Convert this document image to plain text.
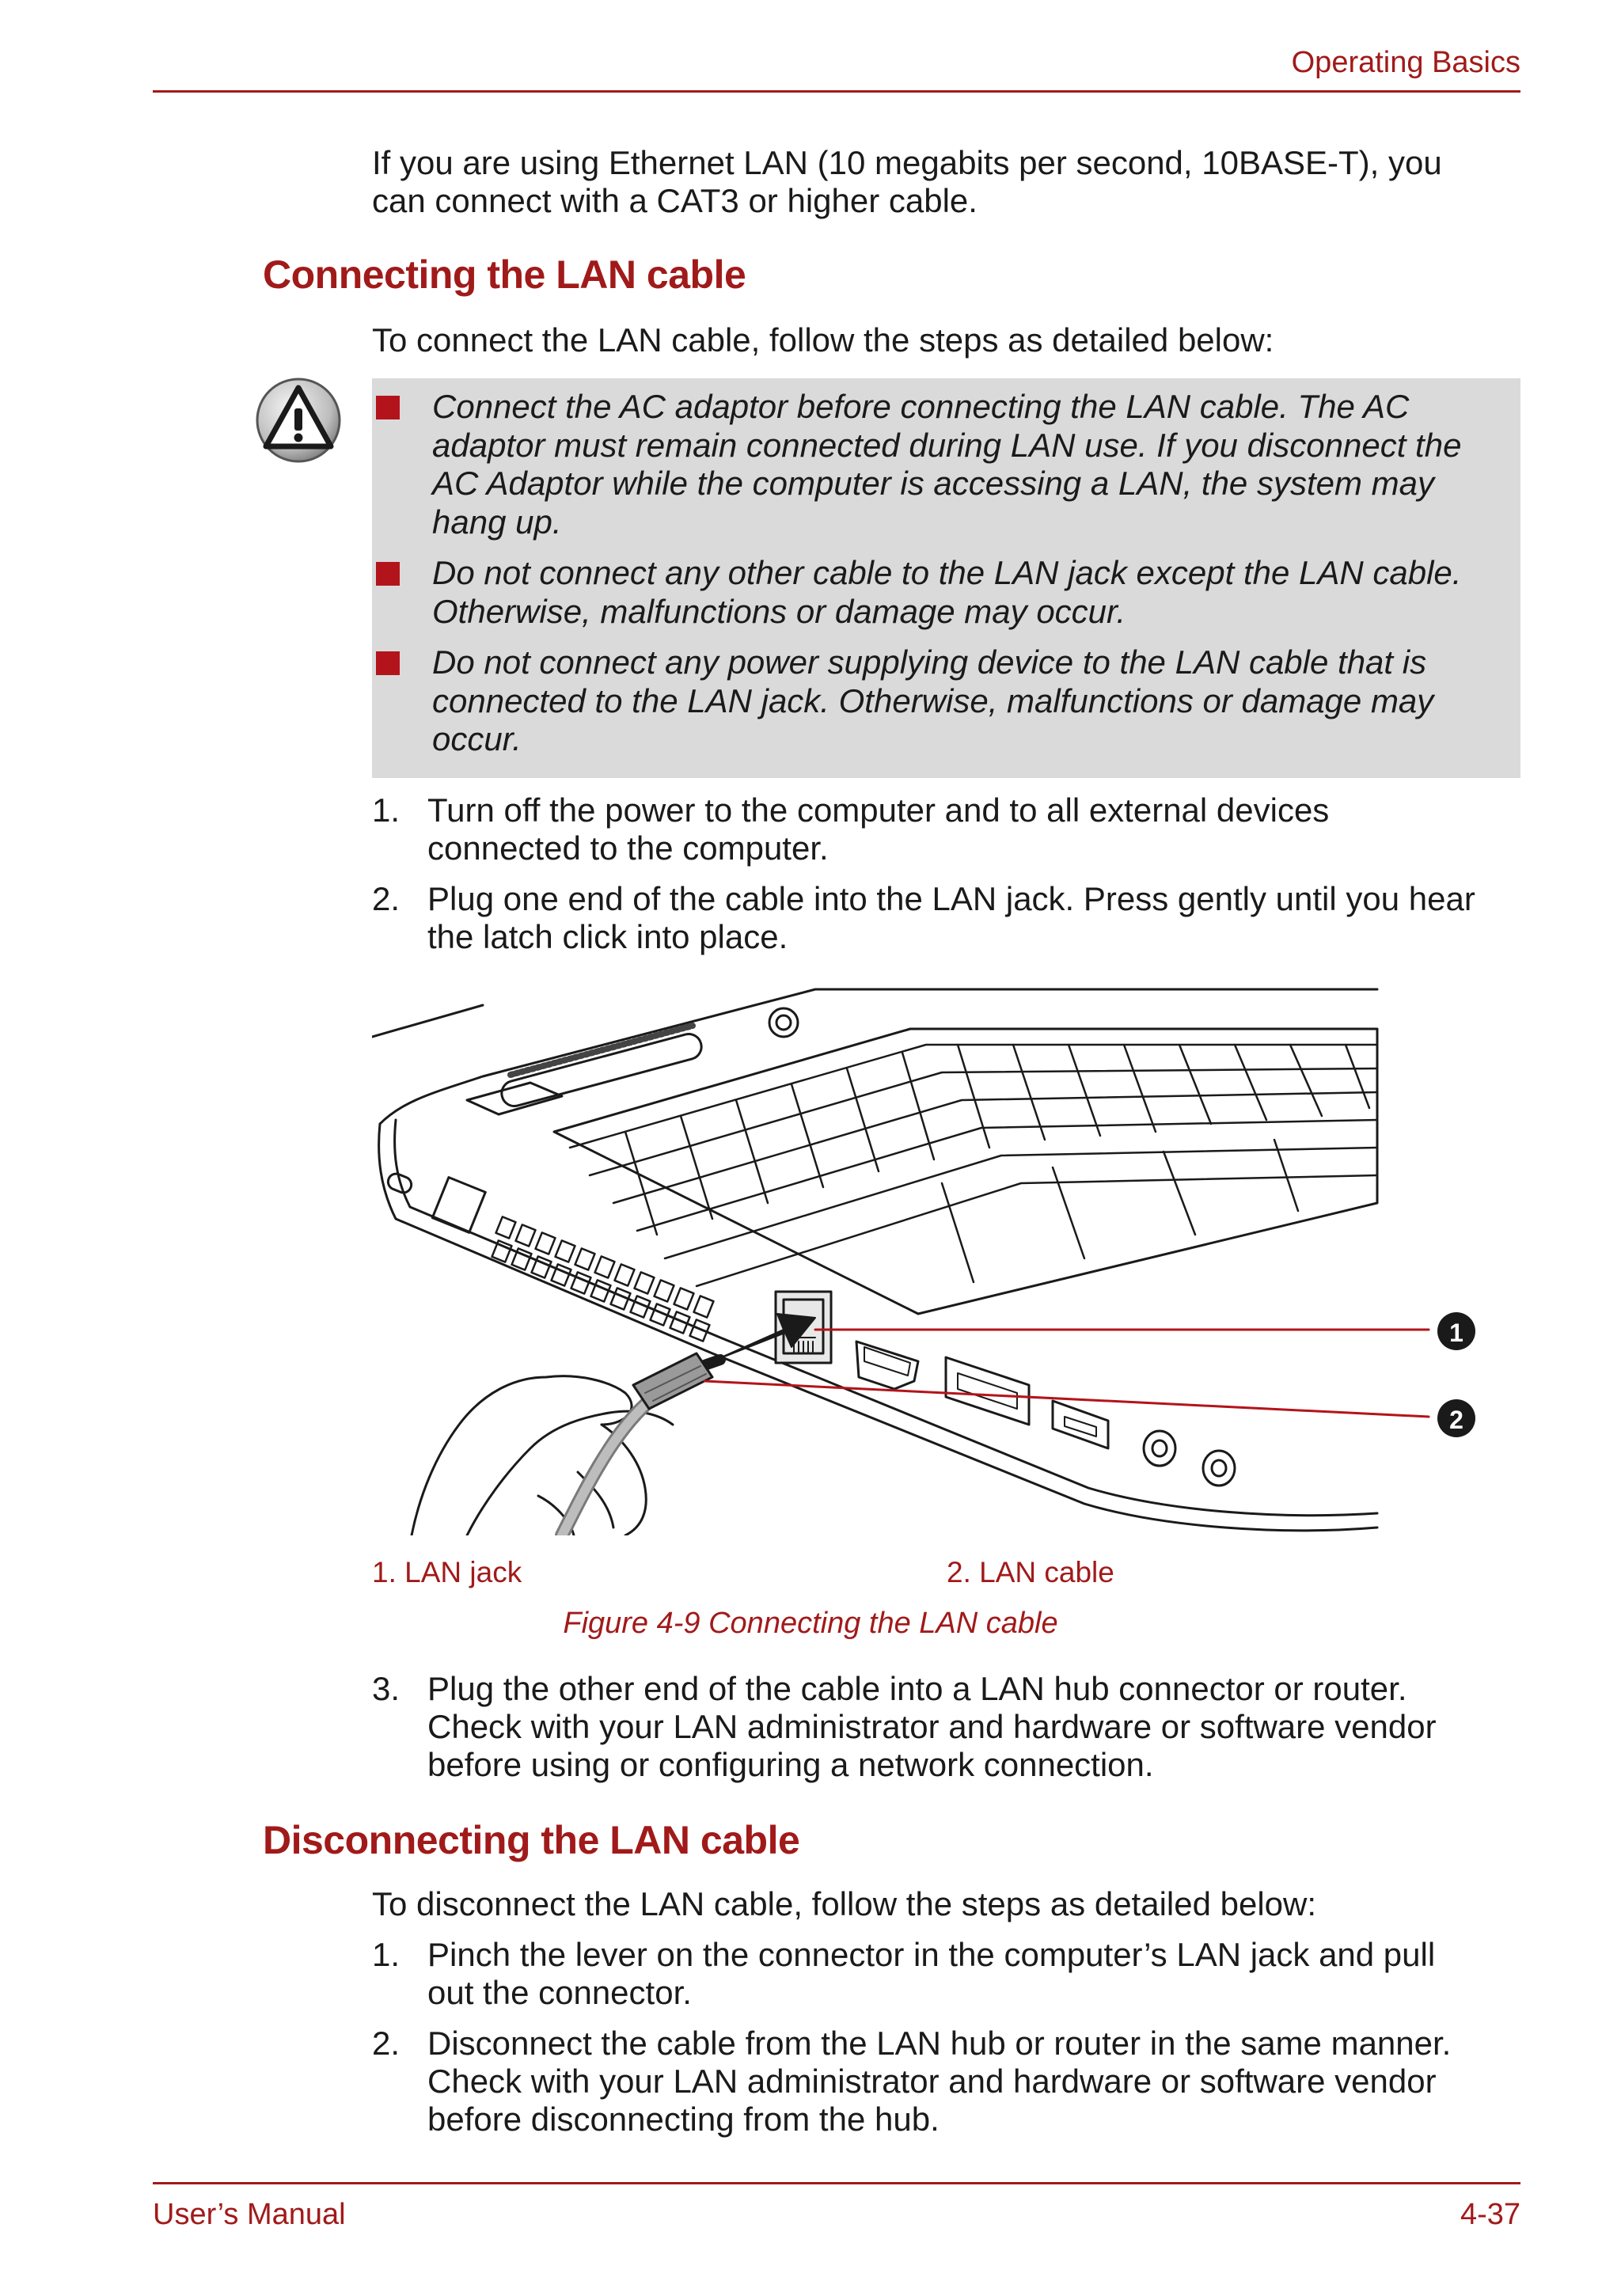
Operating Basics
If you are using Ethernet LAN (10 megabits per second, 10BASE-T), you
can connect with a CAT3 or higher cable.
Connecting the LAN cable
To connect the LAN cable, follow the steps as detailed below:
Connect the AC adaptor before connecting the LAN cable. The AC
adaptor must remain connected during LAN use. If you disconnect the
AC Adaptor while the computer is accessing a LAN, the system may
hang up.
Do not connect any other cable to the LAN jack except the LAN cable.
Otherwise, malfunctions or damage may occur.
Do not connect any power supplying device to the LAN cable that is
connected to the LAN jack. Otherwise, malfunctions or damage may
occur.
1. Turn off the power to the computer and to all external devices
connected to the computer.
2. Plug one end of the cable into the LAN jack. Press gently until you hear
the latch click into place.
1
2
1. LAN jack	2. LAN cable
Figure 4-9 Connecting the LAN cable
3. Plug the other end of the cable into a LAN hub connector or router.
Check with your LAN administrator and hardware or software vendor
before using or configuring a network connection.
Disconnecting the LAN cable
To disconnect the LAN cable, follow the steps as detailed below:
1. Pinch the lever on the connector in the computer’s LAN jack and pull
out the connector.
2. Disconnect the cable from the LAN hub or router in the same manner.
Check with your LAN administrator and hardware or software vendor
before disconnecting from the hub.
User’s Manual	4-37
